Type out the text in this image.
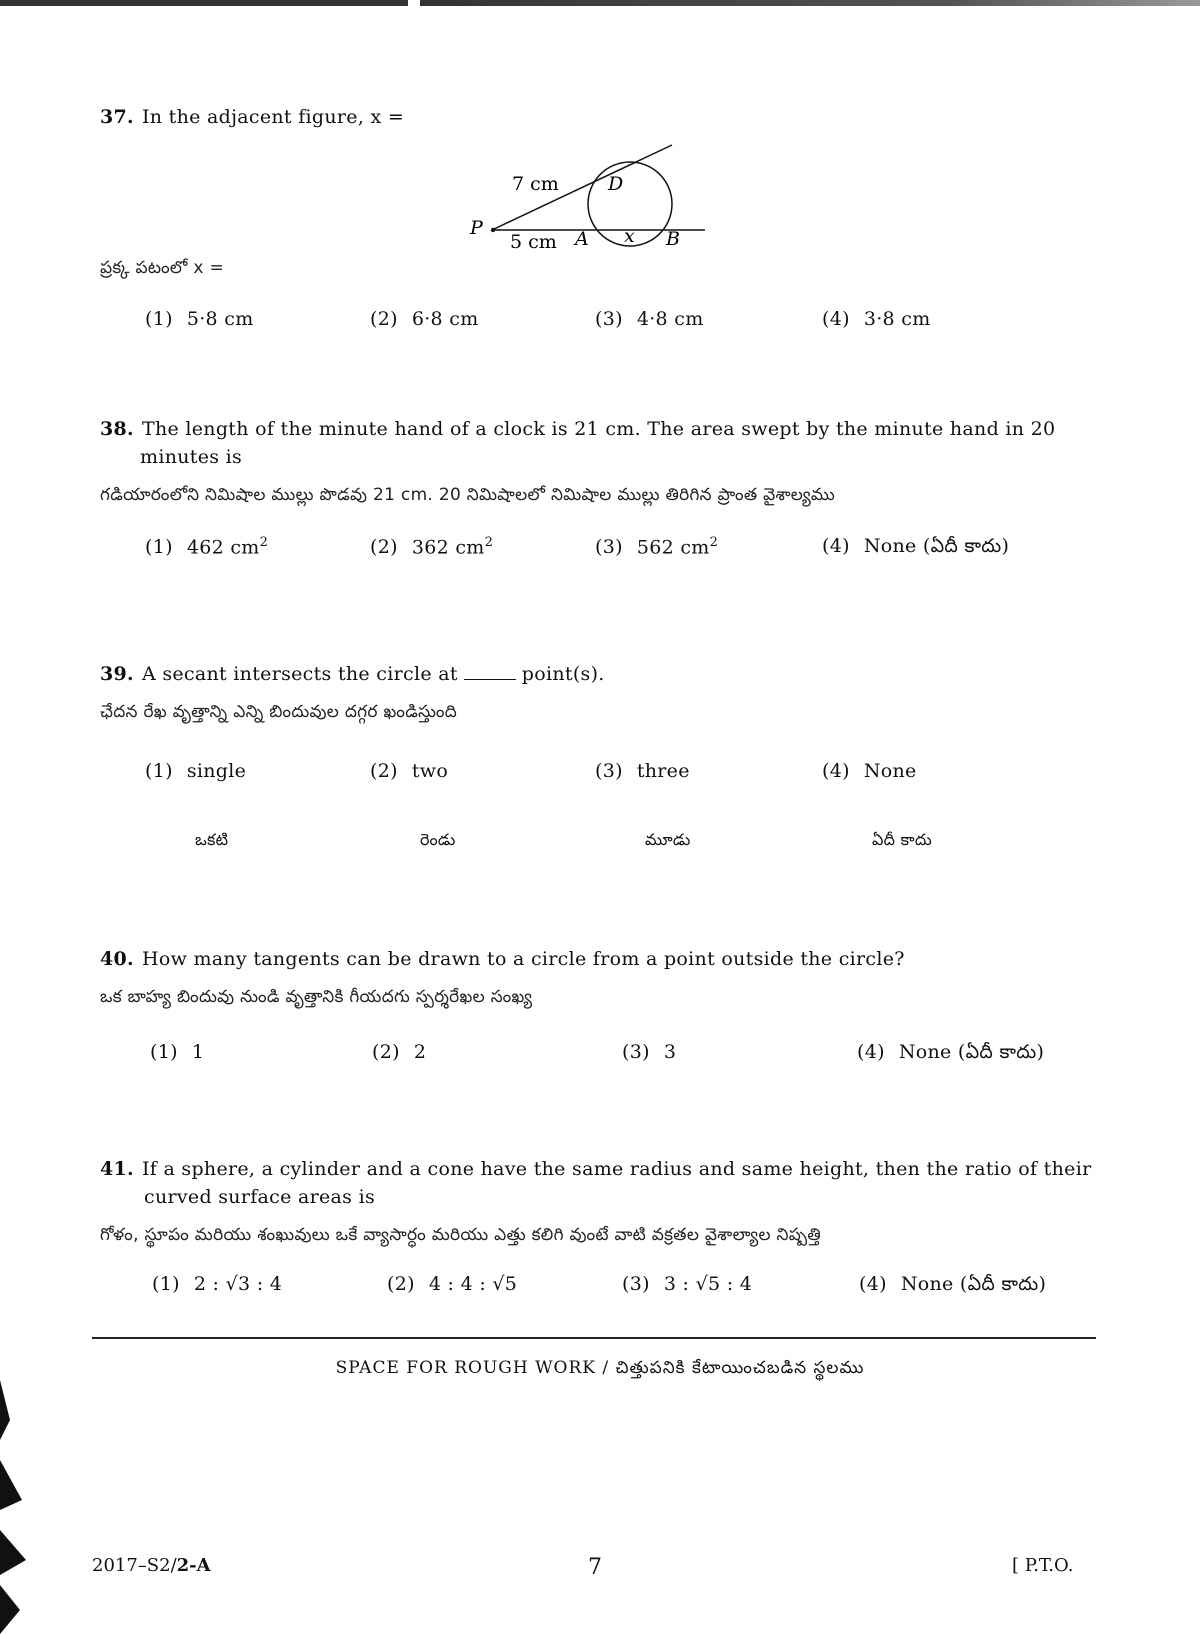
37. In the adjacent figure, x =
7 cm
5 cm
P	A	B
D
x
ప్రక్క పటంలో x =
(1) 5·8 cm	(2) 6·8 cm	(3) 4·8 cm	(4) 3·8 cm
38. The length of the minute hand of a clock is 21 cm. The area swept by the minute hand in 20 minutes is
గడియారంలోని నిమిషాల ముల్లు పొడవు 21 cm. 20 నిమిషాలలో నిమిషాల ముల్లు తిరిగిన ప్రాంత వైశాల్యము
(1) 462 $cm^2$	(2) 362 $cm^2$	(3) 562 $cm^2$	(4) None (ఏదీ కాదు)
39. A secant intersects the circle at	point(s).
ఛేదన రేఖ వృత్తాన్ని ఎన్ని బిందువుల దగ్గర ఖండిస్తుంది
(1) single	(2) two	(3) three	(4) None
ఒకటి	రెండు	మూడు	ఏదీ కాదు
40. How many tangents can be drawn to a circle from a point outside the circle?
ఒక బాహ్య బిందువు నుండి వృత్తానికి గీయదగు స్పర్శరేఖల సంఖ్య
(1) 1	(2) 2	(3) 3	(4) None (ఏదీ కాదు)
41. If a sphere, a cylinder and a cone have the same radius and same height, then the ratio of their curved surface areas is
గోళం, స్థూపం మరియు శంఖువులు ఒకే వ్యాసార్ధం మరియు ఎత్తు కలిగి వుంటే వాటి వక్రతల వైశాల్యాల నిష్పత్తి
(1) 2 : √3 : 4	(2) 4 : 4 : √5	(3) 3 : √5 : 4	(4) None (ఏదీ కాదు)
SPACE FOR ROUGH WORK / చిత్తుపనికి కేటాయించబడిన స్థలము
2017–S2/2-A	7	[ P.T.O.
